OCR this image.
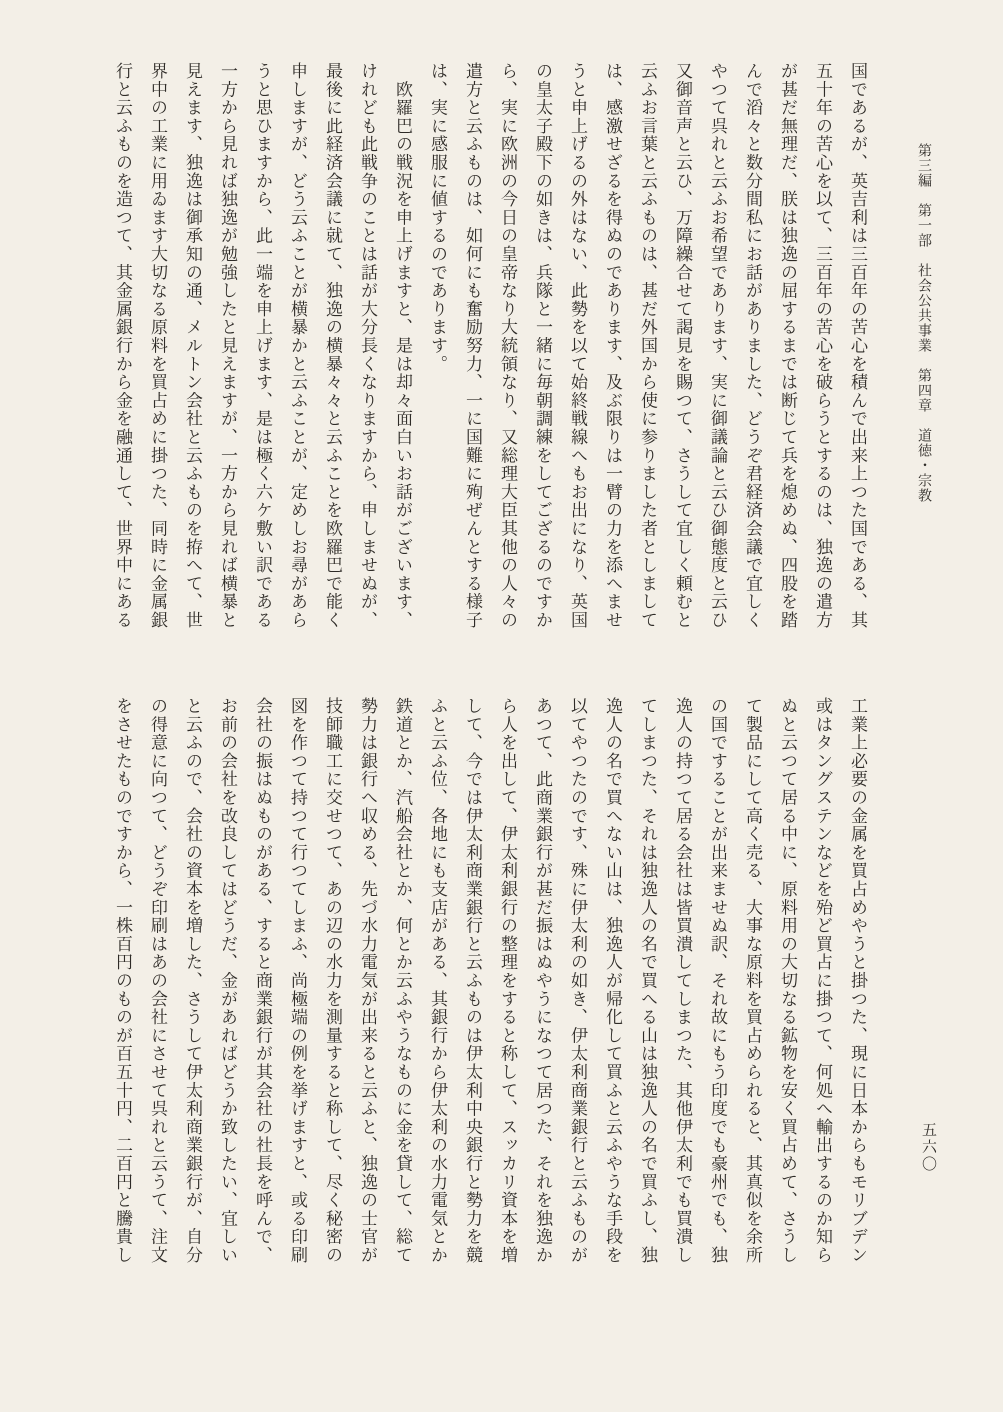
第三編　第一部　社会公共事業　第四章　道徳・宗教
国であるが、英吉利は三百年の苦心を積んで出来上つた国である、其
五十年の苦心を以て、三百年の苦心を破らうとするのは、独逸の遣方
が甚だ無理だ、朕は独逸の屈するまでは断じて兵を熄めぬ、四股を踏
んで滔々と数分間私にお話がありました、どうぞ君経済会議で宜しく
やつて呉れと云ふお希望であります、実に御議論と云ひ御態度と云ひ
又御音声と云ひ、万障繰合せて謁見を賜つて、さうして宜しく頼むと
云ふお言葉と云ふものは、甚だ外国から使に参りました者としまして
は、感激せざるを得ぬのであります、及ぶ限りは一臂の力を添へませ
うと申上げるの外はない、此勢を以て始終戦線へもお出になり、英国
の皇太子殿下の如きは、兵隊と一緒に毎朝調練をしてござるのですか
ら、実に欧洲の今日の皇帝なり大統領なり、又総理大臣其他の人々の
遣方と云ふものは、如何にも奮励努力、一に国難に殉ぜんとする様子
は、実に感服に値するのであります。
　欧羅巴の戦況を申上げますと、是は却々面白いお話がございます、
けれども此戦争のことは話が大分長くなりますから、申しませぬが、
最後に此経済会議に就て、独逸の横暴々々と云ふことを欧羅巴で能く
申しますが、どう云ふことが横暴かと云ふことが、定めしお尋があら
うと思ひますから、此一端を申上げます、是は極く六ケ敷い訳である
一方から見れば独逸が勉強したと見えますが、一方から見れば横暴と
見えます、独逸は御承知の通、メルトン会社と云ふものを拵へて、世
界中の工業に用ゐます大切なる原料を買占めに掛つた、同時に金属銀
行と云ふものを造つて、其金属銀行から金を融通して、世界中にある
工業上必要の金属を買占めやうと掛つた、現に日本からもモリブデン
或はタングステンなどを殆ど買占に掛つて、何処へ輸出するのか知ら
ぬと云つて居る中に、原料用の大切なる鉱物を安く買占めて、さうし
て製品にして高く売る、大事な原料を買占められると、其真似を余所
の国ですることが出来ませぬ訳、それ故にもう印度でも豪州でも、独
逸人の持つて居る会社は皆買潰してしまつた、其他伊太利でも買潰し
てしまつた、それは独逸人の名で買へる山は独逸人の名で買ふし、独
逸人の名で買へない山は、独逸人が帰化して買ふと云ふやうな手段を
以てやつたのです、殊に伊太利の如き、伊太利商業銀行と云ふものが
あつて、此商業銀行が甚だ振はぬやうになつて居つた、それを独逸か
ら人を出して、伊太利銀行の整理をすると称して、スッカリ資本を増
して、今では伊太利商業銀行と云ふものは伊太利中央銀行と勢力を競
ふと云ふ位、各地にも支店がある、其銀行から伊太利の水力電気とか
鉄道とか、汽船会社とか、何とか云ふやうなものに金を貸して、総て
勢力は銀行へ収める、先づ水力電気が出来ると云ふと、独逸の士官が
技師職工に交せつて、あの辺の水力を測量すると称して、尽く秘密の
図を作つて持つて行つてしまふ、尚極端の例を挙げますと、或る印刷
会社の振はぬものがある、すると商業銀行が其会社の社長を呼んで、
お前の会社を改良してはどうだ、金があればどうか致したい、宜しい
と云ふので、会社の資本を増した、さうして伊太利商業銀行が、自分
の得意に向つて、どうぞ印刷はあの会社にさせて呉れと云うて、注文
をさせたものですから、一株百円のものが百五十円、二百円と騰貴し	五六〇
